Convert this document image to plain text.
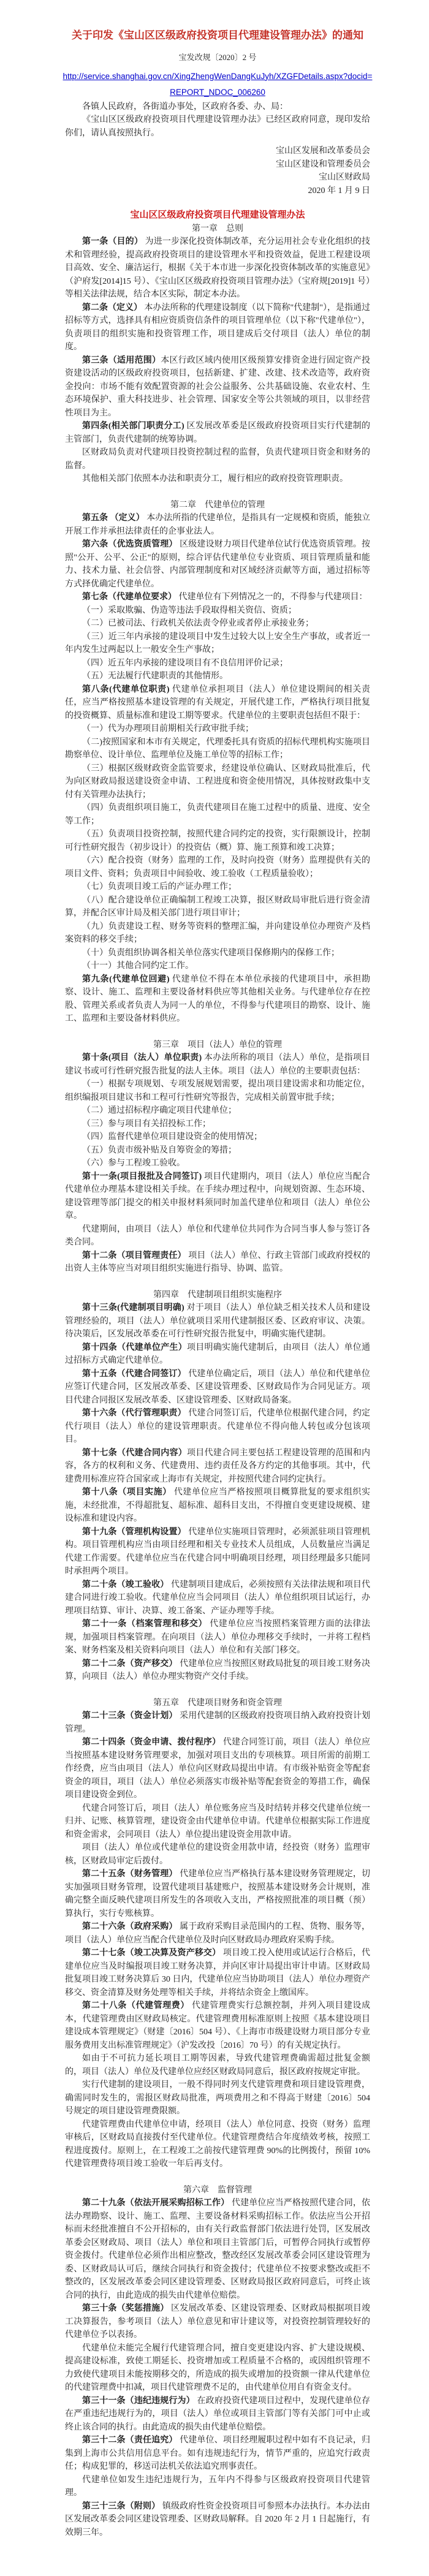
关于印发《宝山区区级政府投资项目代理建设管理办法》的通知
宝发改规〔2020〕2 号
http://service.shanghai.gov.cn/XingZhengWenDangKuJyh/XZGFDetails.aspx?docid=REPORT_NDOC_006260

各镇人民政府，各街道办事处，区政府各委、办、局：

《宝山区区级政府投资项目代理建设管理办法》已经区政府同意，现印发给你们，请认真按照执行。

宝山区发展和改革委员会

宝山区建设和管理委员会

宝山区财政局

2020 年 1 月 9 日

宝山区区级政府投资项目代理建设管理办法
第一章　总则

第一条（目的） 为进一步深化投资体制改革，充分运用社会专业化组织的技术和管理经验，提高政府投资项目的建设管理水平和投资效益，促进工程建设项目高效、安全、廉洁运行，根据《关于本市进一步深化投资体制改革的实施意见》（沪府发[2014]15 号）、《宝山区区级政府投资项目管理办法》（宝府规[2019]1 号）等相关法律法规，结合本区实际，制定本办法。

第二条（定义） 本办法所称的代理建设制度（以下简称"代建制"），是指通过招标等方式，选择具有相应资质资信条件的项目管理单位（以下称"代建单位"），负责项目的组织实施和投资管理工作，项目建成后交付项目（法人）单位的制度。

第三条（适用范围）本区行政区域内使用区级预算安排资金进行固定资产投资建设活动的区级政府投资项目，包括新建、扩建、改建、技术改造等，政府资金投向：市场不能有效配置资源的社会公益服务、公共基础设施、农业农村、生态环境保护、重大科技进步、社会管理、国家安全等公共领域的项目，以非经营性项目为主。

第四条(相关部门职责分工) 区发展改革委是区级政府投资项目实行代建制的主管部门，负责代建制的统筹协调。

区财政局负责对代建项目投资控制过程的监督，负责代建项目资金和财务的监督。

其他相关部门依照本办法和职责分工，履行相应的政府投资管理职责。

第二章　代建单位的管理

第五条 （定义） 本办法所指的代建单位，是指具有一定规模和资质，能独立开展工作并承担法律责任的企事业法人。

第六条（优选资质管理） 区级建设财力项目代建单位试行优选资质管理。按照"公开、公平、公正"的原则，综合评估代建单位专业资质、项目管理质量和能力、技术力量、社会信誉、内部管理制度和对区域经济贡献等方面，通过招标等方式择优确定代建单位。

第七条（代建单位要求） 代建单位有下列情况之一的，不得参与代建项目：

（一）采取欺骗、伪造等违法手段取得相关资信、资质；

（二）已被司法、行政机关依法责令停业或者停止承接业务；

（三）近三年内承接的建设项目中发生过较大以上安全生产事故，或者近一年内发生过两起以上一般安全生产事故；

（四）近五年内承接的建设项目有不良信用评价记录；

（五）无法履行代建职责的其他情形。

第八条(代建单位职责) 代建单位承担项目（法人）单位建设期间的相关责任，应当严格按照基本建设管理的有关规定，开展代建工作，严格执行项目批复的投资概算、质量标准和建设工期等要求。代建单位的主要职责包括但不限于：

（一）代为办理项目前期相关行政审批手续；

（二)按照国家和本市有关规定，代理委托具有资质的招标代理机构实施项目勘察单位、设计单位、监理单位及施工单位等的招标工作；

（三）根据区级财政资金监管要求，经建设单位确认、区财政局批准后，代为向区财政局报送建设资金申请、工程进度和资金使用情况，具体按财政集中支付有关管理办法执行；

（四）负责组织项目施工，负责代建项目在施工过程中的质量、进度、安全等工作；

（五）负责项目投资控制，按照代建合同约定的投资，实行限额设计，控制可行性研究报告（初步设计）的投资估（概）算、施工预算和竣工决算；

（六）配合投资（财务）监理的工作，及时向投资（财务）监理提供有关的项目文件、资料；负责项目中间验收、竣工验收（工程质量验收）；

（七）负责项目竣工后的产证办理工作；

（八）配合建设单位正确编制工程竣工决算，报区财政局审批后进行资金清算，并配合区审计局及相关部门进行项目审计；

（九）负责建设工程、财务等资料的整理汇编，并向建设单位办理资产及档案资料的移交手续；

（十）负责组织协调各相关单位落实代建项目保修期内的保修工作；

（十一）其他合同约定工作。

第九条(代建单位回避) 代建单位不得在本单位承接的代建项目中，承担勘察、设计、施工、监理和主要设备材料供应等其他相关业务。与代建单位存在控股、管理关系或者负责人为同一人的单位，不得参与代建项目的勘察、设计、施工、监理和主要设备材料供应。

第三章　项目（法人）单位的管理

第十条(项目（法人）单位职责) 本办法所称的项目（法人）单位，是指项目建议书或可行性研究报告批复的法人主体。项目（法人）单位的主要职责包括：

（一）根据专项规划、专项发展规划需要，提出项目建设需求和功能定位，组织编报项目建议书和工程可行性研究等报告，完成相关前置审批手续；

（二）通过招标程序确定项目代建单位；

（三）参与项目有关招投标工作；

（四）监督代建单位项目建设资金的使用情况；

（五）负责市级补贴及自筹资金的筹措；

（六）参与工程竣工验收。

第十一条(项目报批及合同签订) 项目代建期内，项目（法人）单位应当配合代建单位办理基本建设相关手续。在手续办理过程中，向规划资源、生态环境、建设管理等部门提交的相关申报材料须同时加盖代建单位和项目（法人）单位公章。

代建期间，由项目（法人）单位和代建单位共同作为合同当事人参与签订各类合同。

第十二条（项目管理责任） 项目（法人）单位、行政主管部门或政府授权的出资人主体等应当对项目组织实施进行指导、协调、监管。

第四章　代建制项目组织实施程序

第十三条(代建制项目明确) 对于项目（法人）单位缺乏相关技术人员和建设管理经验的，项目（法人）单位就项目采用代建制报区委、区政府审议、决策。待决策后，区发展改革委在可行性研究报告批复中，明确实施代建制。

第十四条（代建单位产生）项目明确实施代建制后，由项目（法人）单位通过招标方式确定代建单位。

第十五条（代建合同签订） 代建单位确定后，项目（法人）单位和代建单位应签订代建合同，区发展改革委、区建设管理委、区财政局作为合同见证方。项目代建合同报区发展改革委、区建设管理委、区财政局备案。

第十六条（代行管理职责） 代建合同签订后，代建单位根据代建合同，约定代行项目（法人）单位的建设管理职责。代建单位不得向他人转包或分包该项目。

第十七条（代建合同内容）项目代建合同主要包括工程建设管理的范围和内容，各方的权利和义务、代建费用、违约责任及各方约定的其他事项。其中，代建费用标准应符合国家或上海市有关规定，并按照代建合同约定执行。

第十八条（项目实施） 代建单位应当严格按照项目概算批复的要求组织实施，未经批准，不得超批复、超标准、超科目支出，不得擅自变更建设规模、建设标准和建设内容。

第十九条（管理机构设置） 代建单位实施项目管理时，必须派驻项目管理机构。项目管理机构应当由项目经理和相关专业技术人员组成，人员数量应当满足代建工作需要。代建单位应当在代建合同中明确项目经理，项目经理最多只能同时承担两个项目。

第二十条（竣工验收） 代建制项目建成后，必须按照有关法律法规和项目代建合同进行竣工验收。代建单位应当会同项目（法人）单位组织项目试运行，办理项目结算、审计、决算、竣工备案、产证办理等手续。

第二十一条（档案管理和移交） 代建单位应当按照档案管理方面的法律法规，加强项目档案管理。在向项目（法人）单位办理移交手续时，一并将工程档案、财务档案及相关资料向项目（法人）单位和有关部门移交。

第二十二条（资产移交） 代建单位应当按照区财政局批复的项目竣工财务决算，向项目（法人）单位办理实物资产交付手续。

第五章　代建项目财务和资金管理

第二十三条（资金计划） 采用代建制的区级政府投资项目纳入政府投资计划管理。

第二十四条（资金申请、拨付程序） 代建合同签订前，项目（法人）单位应当按照基本建设财务管理要求，加强对项目支出的专项核算。项目所需的前期工作经费，应当由项目（法人）单位向区财政局提出申请。有市级补贴资金等配套资金的项目，项目（法人）单位必须落实市级补贴等配套资金的筹措工作，确保项目建设资金到位。

代建合同签订后，项目（法人）单位账务应当及时结转并移交代建单位统一归并、记账、核算管理，建设资金由代建单位申请。代建单位根据实际工作进度和资金需求，会同项目（法人）单位提出建设资金用款申请。

项目（法人）单位或代建单位的建设资金用款申请，经投资（财务）监理审核，区财政局审定后拨付。

第二十五条（财务管理） 代建单位应当严格执行基本建设财务管理规定，切实加强项目财务管理，设置代建项目基建账户，按照基本建设财务会计规则，准确完整全面反映代建项目所发生的各项收入支出，严格按照批准的项目概（预）算执行，实行专账核算。

第二十六条（政府采购） 属于政府采购目录范围内的工程、货物、服务等，项目（法人）单位应当配合代建单位及时向区财政局办理政府采购手续。

第二十七条（竣工决算及资产移交） 项目竣工投入使用或试运行合格后，代建单位应当及时编报项目竣工财务决算，并向区审计局提出审计申请。区财政局批复项目竣工财务决算后 30 日内，代建单位应当协助项目（法人）单位办理资产移交、资金清算及财务处理等相关手续，并将结余资金上缴国库。

第二十八条（代建管理费） 代建管理费实行总额控制，并列入项目建设成本，代建管理费由区财政局核定。代建管理费用标准原则上按照《基本建设项目建设成本管理规定》（财建〔2016〕504 号）、《上海市市级建设财力项目部分专业服务费用支出标准管理规定》（沪发改投〔2016〕70 号）的有关规定执行。

如由于不可抗力延长项目工期等因素，导致代建管理费确需超过批复金额的，项目（法人）单位及代建单位应经区财政局同意后，报区政府按规定审批。

实行代建制的建设项目，一般不得同时列支代建管理费和项目建设管理费，确需同时发生的，需报区财政局批准，两项费用之和不得高于财建〔2016〕504 号规定的项目建设管理费限额。

代建管理费由代建单位申请，经项目（法人）单位同意、投资（财务）监理审核后，区财政局直接拨付至代建单位。代建管理费结合年度绩效考核，按照工程进度拨付。原则上，在工程竣工之前按代建管理费 90%的比例拨付，预留 10%代建管理费待项目竣工验收一年后再支付。

第六章　监督管理

第二十九条（依法开展采购招标工作） 代建单位应当严格按照代建合同，依法办理勘察、设计、施工、监理、主要设备材料采购招标工作。依法应当公开招标而未经批准擅自不公开招标的，由有关行政监督部门依法进行处罚，区发展改革委会区财政局、项目（法人）单位和项目主管部门后，可暂停合同执行或暂停资金拨付。代建单位必须作出相应整改，整改经区发展改革委会同区建设管理为委、区财政局认可后，继续合同执行和资金拨付；代建单位不按要求整改或拒不整改的，区发展改革委会同区建设管理委、区财政局报区政府同意后，可终止该合同的执行，由此造成的损失由代建单位赔偿。

第三十条（奖惩措施） 区发展改革委、区建设管理委、区财政局根据项目竣工决算报告，参考项目（法人）单位意见和审计建议等，对投资控制管理较好的代建单位予以表扬。

代建单位未能完全履行代建管理合同，擅自变更建设内容、扩大建设规模、提高建设标准，致使工期延长、投资增加或工程质量不合格的，或因组织管理不力致使代建项目未能按期移交的，所造成的损失或增加的投资额一律从代建单位的代建管理费中扣减，项目代建管理费不足的，由代建单位用自有资金支付。

第三十一条（违纪违规行为） 在政府投资代建项目过程中，发现代建单位存在严重违纪违规行为的，项目（法人）单位或项目主管部门等有关部门可中止或终止该合同的执行。由此造成的损失由代建单位赔偿。

第三十二条（责任追究） 代建单位、项目经理履职过程中如有不良记录，归集到上海市公共信用信息平台。如有违规违纪行为，情节严重的，应追究行政责任；构成犯罪的，移送司法机关依法追究刑事责任。

代建单位如发生违纪违规行为，五年内不得参与区级政府投资项目代建管理。

第三十三条（附则） 镇级政府性资金投资项目可参照本办法执行。本办法由区发展改革委会同区建设管理委、区财政局解释。自 2020 年 2 月 1 日起施行，有效期三年。
